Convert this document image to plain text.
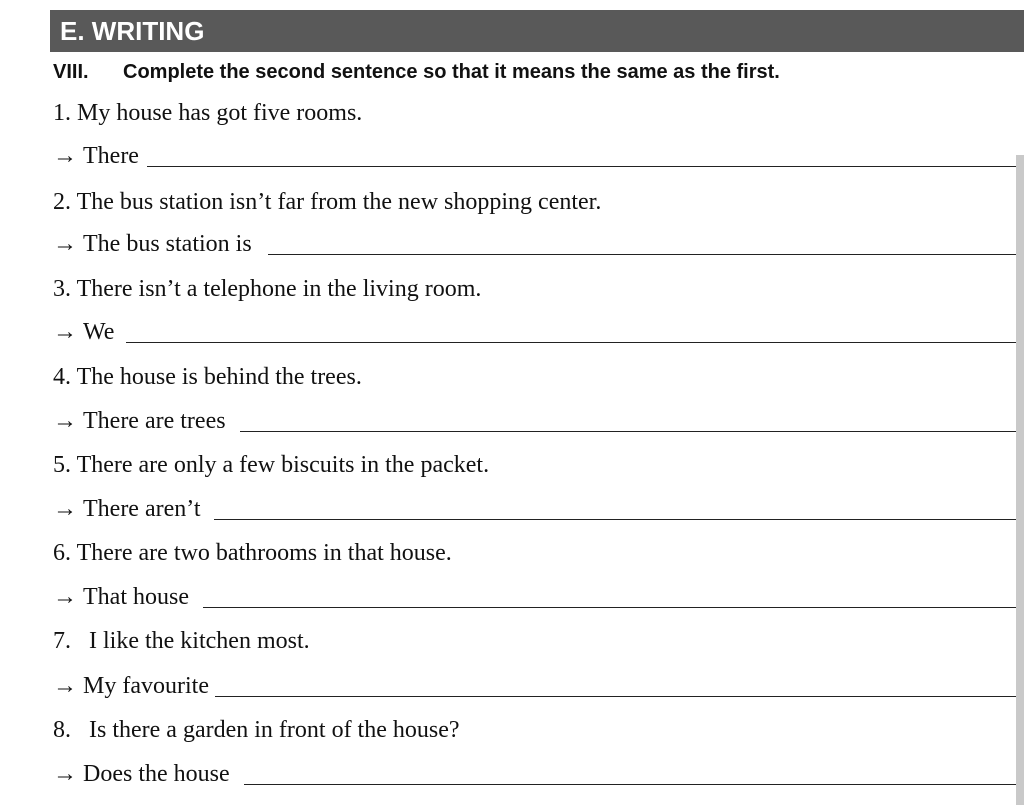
E. WRITING
VIII. Complete the second sentence so that it means the same as the first.
1. My house has got five rooms.
→ There
2. The bus station isn’t far from the new shopping center.
→ The bus station is
3. There isn’t a telephone in the living room.
→ We
4. The house is behind the trees.
→ There are trees
5. There are only a few biscuits in the packet.
→ There aren’t
6. There are two bathrooms in that house.
→ That house
7.   I like the kitchen most.
→ My favourite
8.   Is there a garden in front of the house?
→ Does the house
